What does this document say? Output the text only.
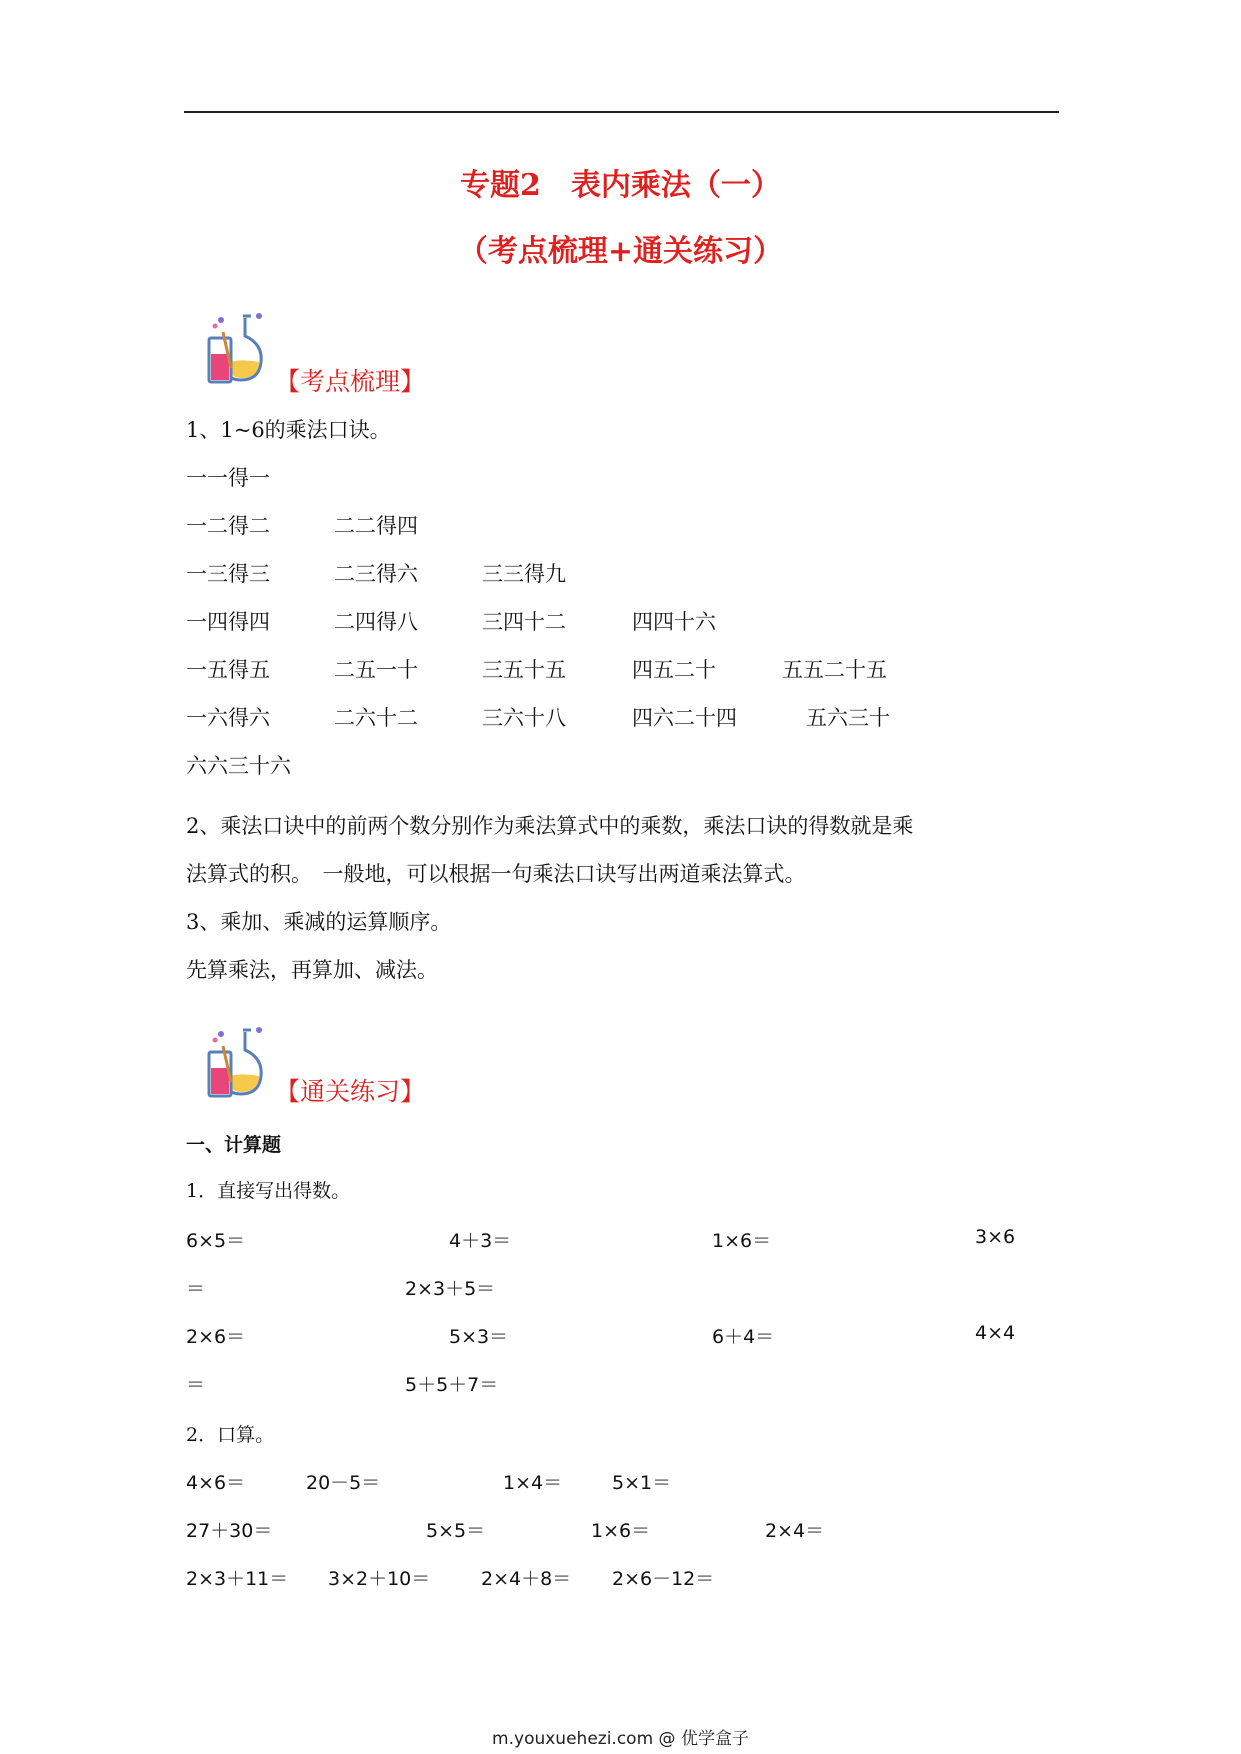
专题2　表内乘法（一）
（考点梳理+通关练习）
【考点梳理】
1、1~6的乘法口诀。
一一得一
一二得二	二二得四
一三得三	二三得六	三三得九
一四得四	二四得八	三四十二	四四十六
一五得五	二五一十	三五十五	四五二十	五五二十五
一六得六	二六十二	三六十八	四六二十四	五六三十
六六三十六
2、乘法口诀中的前两个数分别作为乘法算式中的乘数，乘法口诀的得数就是乘
法算式的积。　一般地，可以根据一句乘法口诀写出两道乘法算式。
3、乘加、乘减的运算顺序。
先算乘法，再算加、减法。
【通关练习】
一、计算题
1．直接写出得数。
6×5＝	4＋3＝	1×6＝	3×6
＝	2×3＋5＝
2×6＝	5×3＝	6＋4＝	4×4
＝	5＋5＋7＝
2．口算。
4×6＝	20－5＝	1×4＝	5×1＝
27＋30＝	5×5＝	1×6＝	2×4＝
2×3＋11＝ 3×2＋10＝	2×4＋8＝ 2×6－12＝
m.youxuehezi.com @ 优学盒子
